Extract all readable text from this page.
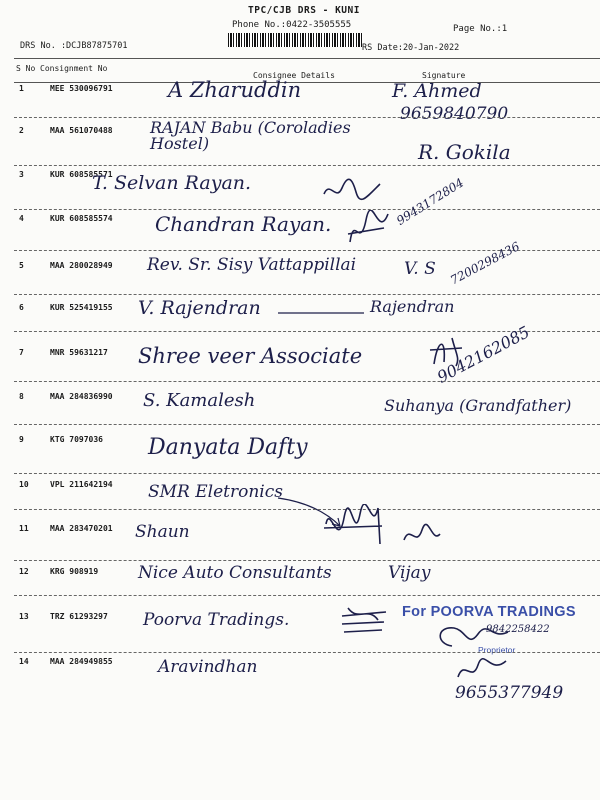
TPC/CJB DRS - KUNI
Phone No.:0422-3505555	Page No.:1
DRS No. :DCJB87875701	RS Date:20-Jan-2022
S No Consignment No
Consignee Details	Signature
1	MEE 530096791	A Zharuddin	F. Ahmed
9659840790
2	MAA 561070488 RAJAN Babu (Coroladies Hostel)	R. Gokila
3	KUR 608585571
T. Selvan Rayan.
4	KUR 608585574 Chandran Rayan.	9943172804
5	MAA 280028949 Rev. Sr. Sisy Vattappillai	V. S 7200298436
6	KUR 525419155 V. Rajendran	Rajendran
7	MNR 59631217 Shree veer Associate	9042162085
8	MAA 284836990 S. Kamalesh	Suhanya (Grandfather)
9	KTG 7097036 Danyata Dafty
10	VPL 211642194 SMR Eletronics
11	MAA 283470201 Shaun
12	KRG 908919 Nice Auto Consultants	Vijay
13	TRZ 61293297 Poorva Tradings.	For POORVA TRADINGS
Proprietor
9842258422
14	MAA 284949855	Aravindhan
9655377949
